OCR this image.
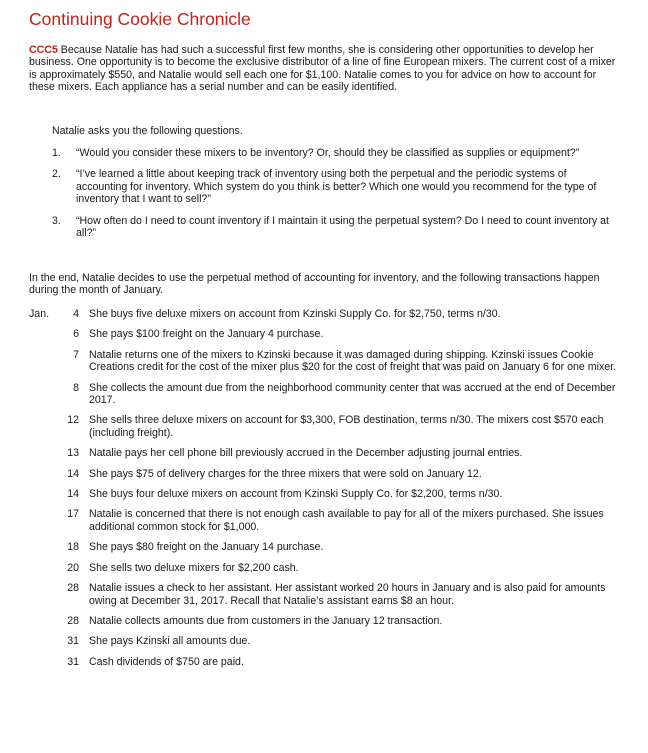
Continuing Cookie Chronicle

CCC5 Because Natalie has had such a successful first few months, she is considering other opportunities to develop her business. One opportunity is to become the exclusive distributor of a line of fine European mixers. The current cost of a mixer is approximately $550, and Natalie would sell each one for $1,100. Natalie comes to you for advice on how to account for these mixers. Each appliance has a serial number and can be easily identified.

Natalie asks you the following questions.

1. “Would you consider these mixers to be inventory? Or, should they be classified as supplies or equipment?”
2. “I’ve learned a little about keeping track of inventory using both the perpetual and the periodic systems of accounting for inventory. Which system do you think is better? Which one would you recommend for the type of inventory that I want to sell?”
3. “How often do I need to count inventory if I maintain it using the perpetual system? Do I need to count inventory at all?”

In the end, Natalie decides to use the perpetual method of accounting for inventory, and the following transactions happen during the month of January.

Jan.	4 She buys five deluxe mixers on account from Kzinski Supply Co. for $2,750, terms n/30.
6 She pays $100 freight on the January 4 purchase.
7 Natalie returns one of the mixers to Kzinski because it was damaged during shipping. Kzinski issues Cookie Creations credit for the cost of the mixer plus $20 for the cost of freight that was paid on January 6 for one mixer.
8 She collects the amount due from the neighborhood community center that was accrued at the end of December 2017.
12 She sells three deluxe mixers on account for $3,300, FOB destination, terms n/30. The mixers cost $570 each (including freight).
13 Natalie pays her cell phone bill previously accrued in the December adjusting journal entries.
14 She pays $75 of delivery charges for the three mixers that were sold on January 12.
14 She buys four deluxe mixers on account from Kzinski Supply Co. for $2,200, terms n/30.
17 Natalie is concerned that there is not enough cash available to pay for all of the mixers purchased. She issues additional common stock for $1,000.
18 She pays $80 freight on the January 14 purchase.
20 She sells two deluxe mixers for $2,200 cash.
28 Natalie issues a check to her assistant. Her assistant worked 20 hours in January and is also paid for amounts owing at December 31, 2017. Recall that Natalie’s assistant earns $8 an hour.
28 Natalie collects amounts due from customers in the January 12 transaction.
31 She pays Kzinski all amounts due.
31 Cash dividends of $750 are paid.
